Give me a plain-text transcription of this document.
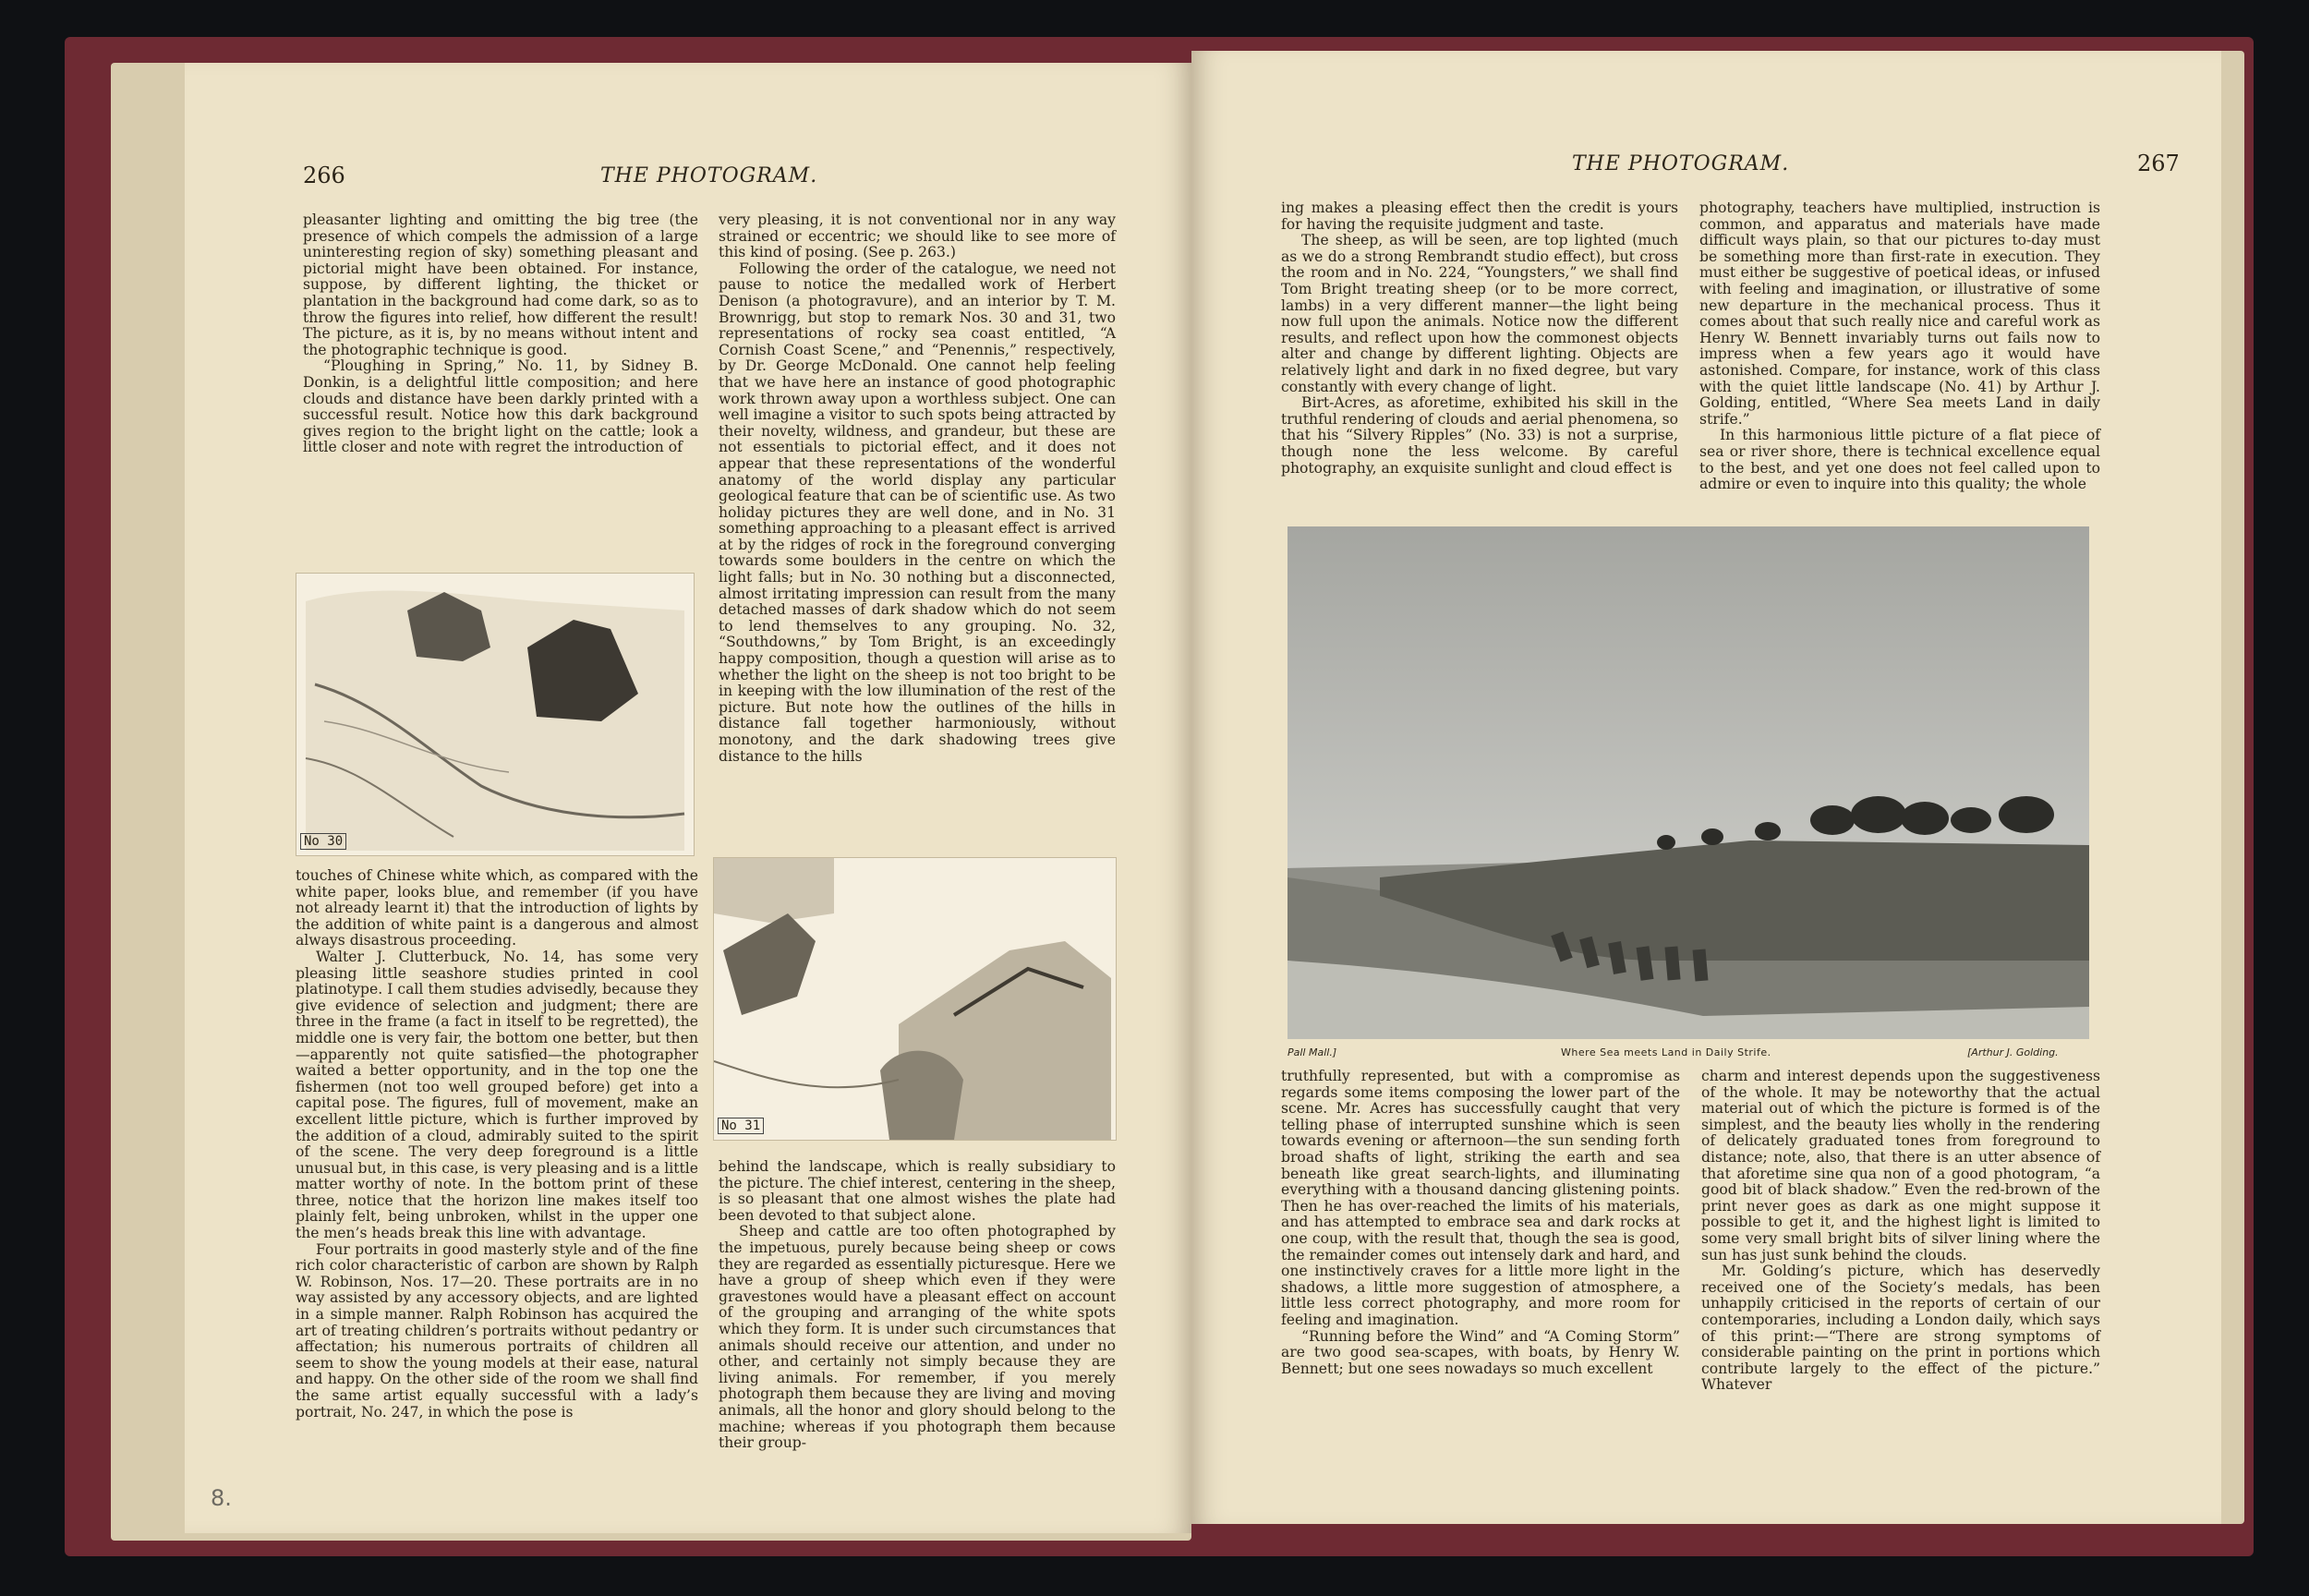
266	THE PHOTOGRAM.

pleasanter lighting and omitting the big tree (the presence of which compels the admission of a large uninteresting region of sky) something pleasant and pictorial might have been obtained. For instance, suppose, by different lighting, the thicket or plantation in the background had come dark, so as to throw the figures into relief, how different the result! The picture, as it is, by no means without intent and the photographic technique is good.

“Ploughing in Spring,” No. 11, by Sidney B. Donkin, is a delightful little composition; and here clouds and distance have been darkly printed with a successful result. Notice how this dark background gives region to the bright light on the cattle; look a little closer and note with regret the introduction of

No 30

touches of Chinese white which, as compared with the white paper, looks blue, and remember (if you have not already learnt it) that the introduction of lights by the addition of white paint is a dangerous and almost always disastrous proceeding.

Walter J. Clutterbuck, No. 14, has some very pleasing little seashore studies printed in cool platinotype. I call them studies advisedly, because they give evidence of selection and judgment; there are three in the frame (a fact in itself to be regretted), the middle one is very fair, the bottom one better, but then—apparently not quite satisfied—the photographer waited a better opportunity, and in the top one the fishermen (not too well grouped before) get into a capital pose. The figures, full of movement, make an excellent little picture, which is further improved by the addition of a cloud, admirably suited to the spirit of the scene. The very deep foreground is a little unusual but, in this case, is very pleasing and is a little matter worthy of note. In the bottom print of these three, notice that the horizon line makes itself too plainly felt, being unbroken, whilst in the upper one the men’s heads break this line with advantage.

Four portraits in good masterly style and of the fine rich color characteristic of carbon are shown by Ralph W. Robinson, Nos. 17—20. These portraits are in no way assisted by any accessory objects, and are lighted in a simple manner. Ralph Robinson has acquired the art of treating children’s portraits without pedantry or affectation; his numerous portraits of children all seem to show the young models at their ease, natural and happy. On the other side of the room we shall find the same artist equally successful with a lady’s portrait, No. 247, in which the pose is

very pleasing, it is not conventional nor in any way strained or eccentric; we should like to see more of this kind of posing. (See p. 263.)

Following the order of the catalogue, we need not pause to notice the medalled work of Herbert Denison (a photogravure), and an interior by T. M. Brownrigg, but stop to remark Nos. 30 and 31, two representations of rocky sea coast entitled, “A Cornish Coast Scene,” and “Penennis,” respectively, by Dr. George McDonald. One cannot help feeling that we have here an instance of good photographic work thrown away upon a worthless subject. One can well imagine a visitor to such spots being attracted by their novelty, wildness, and grandeur, but these are not essentials to pictorial effect, and it does not appear that these representations of the wonderful anatomy of the world display any particular geological feature that can be of scientific use. As two holiday pictures they are well done, and in No. 31 something approaching to a pleasant effect is arrived at by the ridges of rock in the foreground converging towards some boulders in the centre on which the light falls; but in No. 30 nothing but a disconnected, almost irritating impression can result from the many detached masses of dark shadow which do not seem to lend themselves to any grouping. No. 32, “Southdowns,” by Tom Bright, is an exceedingly happy composition, though a question will arise as to whether the light on the sheep is not too bright to be in keeping with the low illumination of the rest of the picture. But note how the outlines of the hills in distance fall together harmoniously, without monotony, and the dark shadowing trees give distance to the hills

No 31

behind the landscape, which is really subsidiary to the picture. The chief interest, centering in the sheep, is so pleasant that one almost wishes the plate had been devoted to that subject alone.

Sheep and cattle are too often photographed by the impetuous, purely because being sheep or cows they are regarded as essentially picturesque. Here we have a group of sheep which even if they were gravestones would have a pleasant effect on account of the grouping and arranging of the white spots which they form. It is under such circumstances that animals should receive our attention, and under no other, and certainly not simply because they are living animals. For remember, if you merely photograph them because they are living and moving animals, all the honor and glory should belong to the machine; whereas if you photograph them because their group-

8.
THE PHOTOGRAM.	267

ing makes a pleasing effect then the credit is yours for having the requisite judgment and taste.

The sheep, as will be seen, are top lighted (much as we do a strong Rembrandt studio effect), but cross the room and in No. 224, “Youngsters,” we shall find Tom Bright treating sheep (or to be more correct, lambs) in a very different manner—the light being now full upon the animals. Notice now the different results, and reflect upon how the commonest objects alter and change by different lighting. Objects are relatively light and dark in no fixed degree, but vary constantly with every change of light.

Birt-Acres, as aforetime, exhibited his skill in the truthful rendering of clouds and aerial phenomena, so that his “Silvery Ripples” (No. 33) is not a surprise, though none the less welcome. By careful photography, an exquisite sunlight and cloud effect is

photography, teachers have multiplied, instruction is common, and apparatus and materials have made difficult ways plain, so that our pictures to-day must be something more than first-rate in execution. They must either be suggestive of poetical ideas, or infused with feeling and imagination, or illustrative of some new departure in the mechanical process. Thus it comes about that such really nice and careful work as Henry W. Bennett invariably turns out fails now to impress when a few years ago it would have astonished. Compare, for instance, work of this class with the quiet little landscape (No. 41) by Arthur J. Golding, entitled, “Where Sea meets Land in daily strife.”

In this harmonious little picture of a flat piece of sea or river shore, there is technical excellence equal to the best, and yet one does not feel called upon to admire or even to inquire into this quality; the whole

Pall Mall.]	Where Sea meets Land in Daily Strife.	[Arthur J. Golding.

truthfully represented, but with a compromise as regards some items composing the lower part of the scene. Mr. Acres has successfully caught that very telling phase of interrupted sunshine which is seen towards evening or afternoon—the sun sending forth broad shafts of light, striking the earth and sea beneath like great search-lights, and illuminating everything with a thousand dancing glistening points. Then he has over-reached the limits of his materials, and has attempted to embrace sea and dark rocks at one coup, with the result that, though the sea is good, the remainder comes out intensely dark and hard, and one instinctively craves for a little more light in the shadows, a little more suggestion of atmosphere, a little less correct photography, and more room for feeling and imagination.

“Running before the Wind” and “A Coming Storm” are two good sea-scapes, with boats, by Henry W. Bennett; but one sees nowadays so much excellent

charm and interest depends upon the suggestiveness of the whole. It may be noteworthy that the actual material out of which the picture is formed is of the simplest, and the beauty lies wholly in the rendering of delicately graduated tones from foreground to distance; note, also, that there is an utter absence of that aforetime sine qua non of a good photogram, “a good bit of black shadow.” Even the red-brown of the print never goes as dark as one might suppose it possible to get it, and the highest light is limited to some very small bright bits of silver lining where the sun has just sunk behind the clouds.

Mr. Golding’s picture, which has deservedly received one of the Society’s medals, has been unhappily criticised in the reports of certain of our contemporaries, including a London daily, which says of this print:—“There are strong symptoms of considerable painting on the print in portions which contribute largely to the effect of the picture.” Whatever
